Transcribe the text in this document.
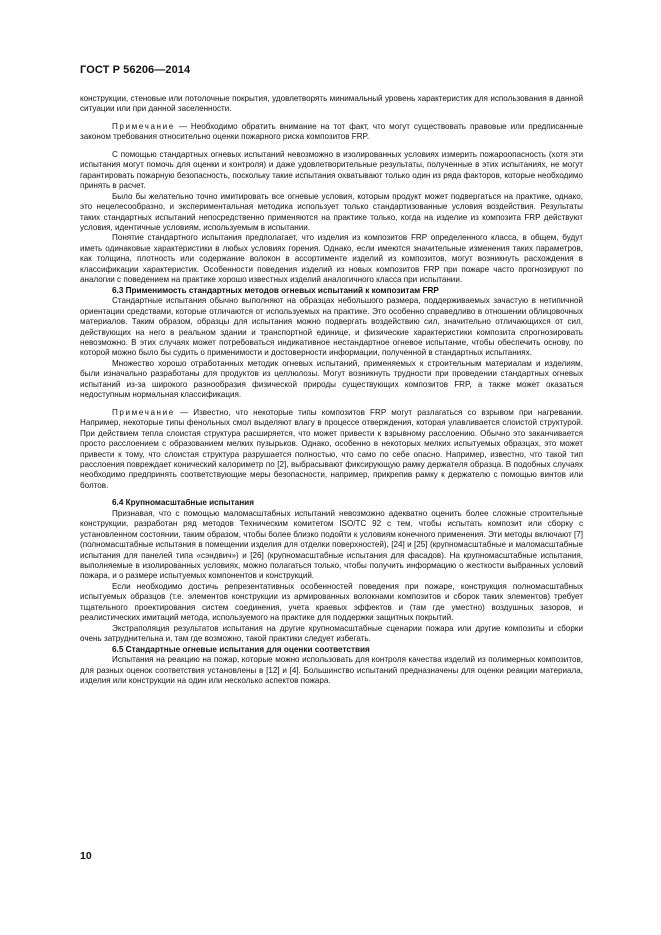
ГОСТ Р 56206—2014

конструкции, стеновые или потолочные покрытия, удовлетворять минимальный уровень характеристик для использования в данной ситуации или при данной заселенности.

Примечание — Необходимо обратить внимание на тот факт, что могут существовать правовые или предписанные законом требования относительно оценки пожарного риска композитов FRP.

С помощью стандартных огневых испытаний невозможно в изолированных условиях измерить пожароопасность (хотя эти испытания могут помочь для оценки и контроля) и даже удовлетворительные результаты, полученные в этих испытаниях, не могут гарантировать пожарную безопасность, поскольку такие испытания охватывают только один из ряда факторов, которые необходимо принять в расчет.

Было бы желательно точно имитировать все огневые условия, которым продукт может подвергаться на практике, однако, это нецелесообразно, и экспериментальная методика использует только стандартизованные условия воздействия. Результаты таких стандартных испытаний непосредственно применяются на практике только, когда на изделие из композита FRP действуют условия, идентичные условиям, используемым в испытании.

Понятие стандартного испытания предполагает, что изделия из композитов FRP определенного класса, в общем, будут иметь одинаковые характеристики в любых условиях горения. Однако, если имеются значительные изменения таких параметров, как толщина, плотность или содержание волокон в ассортименте изделий из композитов, могут возникнуть расхождения в классификации характеристик. Особенности поведения изделий из новых композитов FRP при пожаре часто прогнозируют по аналогии с поведением на практике хорошо известных изделий аналогичного класса при испытании.

6.3 Применимость стандартных методов огневых испытаний к композитам FRP

Стандартные испытания обычно выполняют на образцах небольшого размера, поддерживаемых зачастую в нетипичной ориентации средствами, которые отличаются от используемых на практике. Это особенно справедливо в отношении облицовочных материалов. Таким образом, образцы для испытания можно подвергать воздействию сил, значительно отличающихся от сил, действующих на него в реальном здании и транспортной единице, и физические характеристики композита спрогнозировать невозможно. В этих случаях может потребоваться индикативное нестандартное огневое испытание, чтобы обеспечить основу, по которой можно было бы судить о применимости и достоверности информации, полученной в стандартных испытаниях.

Множество хорошо отработанных методик огневых испытаний, применяемых к строительным материалам и изделиям, были изначально разработаны для продуктов из целлюлозы. Могут возникнуть трудности при проведении стандартных огневых испытаний из-за широкого разнообразия физической природы существующих композитов FRP, а также может оказаться недоступным нормальная классификация.

Примечание — Известно, что некоторые типы композитов FRP могут разлагаться со взрывом при нагревании. Например, некоторые типы фенольных смол выделяют влагу в процессе отверждения, которая улавливается слоистой структурой. При действием тепла слоистая структура расширяется, что может привести к взрывному расслоению. Обычно это заканчивается просто расслоением с образованием мелких пузырьков. Однако, особенно в некоторых мелких испытуемых образцах, это может привести к тому, что слоистая структура разрушается полностью, что само по себе опасно. Например, известно, что такой тип расслоения повреждает конический калориметр по [2], выбрасывают фиксирующую рамку держателя образца. В подобных случаях необходимо предпринять соответствующие меры безопасности, например, прикрепив рамку к держателю с помощью винтов или болтов.

6.4 Крупномасштабные испытания

Признавая, что с помощью маломасштабных испытаний невозможно адекватно оценить более сложные строительные конструкции, разработан ряд методов Техническим комитетом ISO/TC 92 с тем, чтобы испытать композит или сборку с установленном состоянии, таким образом, чтобы более близко подойти к условиям конечного применения. Эти методы включают [7] (полномасштабные испытания в помещении изделия для отделки поверхностей), [24] и [25] (крупномасштабные и маломасштабные испытания для панелей типа «сэндвич») и [26] (крупномасштабные испытания для фасадов). На крупномасштабные испытания, выполняемые в изолированных условиях, можно полагаться только, чтобы получить информацию о жесткости выбранных условий пожара, и о размере испытуемых компонентов и конструкций.

Если необходимо достичь репрезентативных особенностей поведения при пожаре, конструкция полномасштабных испытуемых образцов (т.е. элементов конструкции из армированных волокнами композитов и сборок таких элементов) требует тщательного проектирования систем соединения, учета краевых эффектов и (там где уместно) воздушных зазоров, и реалистических имитаций метода, используемого на практике для поддержки защитных покрытий.

Экстраполяция результатов испытания на другие крупномасштабные сценарии пожара или другие композиты и сборки очень затруднительна и, там где возможно, такой практики следует избегать.

6.5 Стандартные огневые испытания для оценки соответствия

Испытания на реакцию на пожар, которые можно использовать для контроля качества изделий из полимерных композитов, для разных оценок соответствия установлены в [12] и [4]. Большинство испытаний предназначены для оценки реакции материала, изделия или конструкции на один или несколько аспектов пожара.

10
